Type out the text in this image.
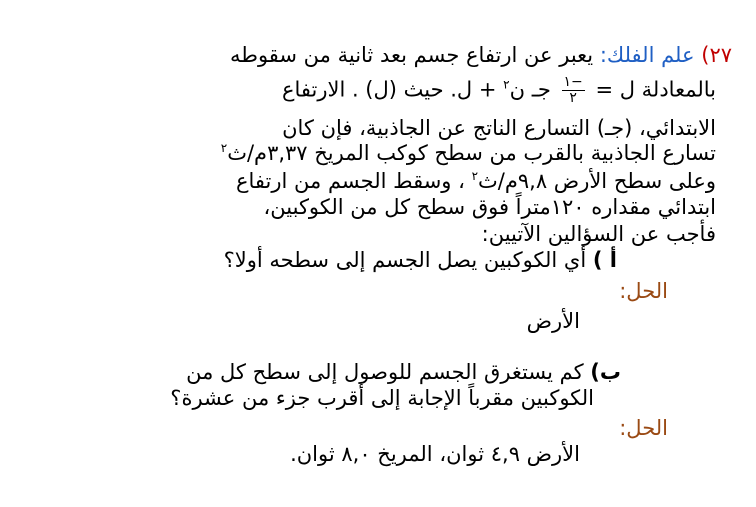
٢٧) علم الفلك: يعبر عن ارتفاع جسم بعد ثانية من سقوطه
بالمعادلة ل =
$\frac{-١}{٢}$
جـ ن$^٢$ + ل. حيث (ل) . الارتفاع
الابتدائي، (جـ) التسارع الناتج عن الجاذبية، فإن كان
تسارع الجاذبية بالقرب من سطح كوكب المريخ ٣,٣٧م/ث$^٢$
وعلى سطح الأرض ٩,٨م/ث$^٢$ ، وسقط الجسم من ارتفاع
ابتدائي مقداره ١٢٠متراً فوق سطح كل من الكوكبين،
فأجب عن السؤالين الآتيين:
أ ) أي الكوكبين يصل الجسم إلى سطحه أولا؟
الحل:
الأرض
ب) كم يستغرق الجسم للوصول إلى سطح كل من
الكوكبين مقرباً الإجابة إلى أقرب جزء من عشرة؟
الحل:
الأرض ٤,٩ ثوان، المريخ ٨,٠ ثوان.
